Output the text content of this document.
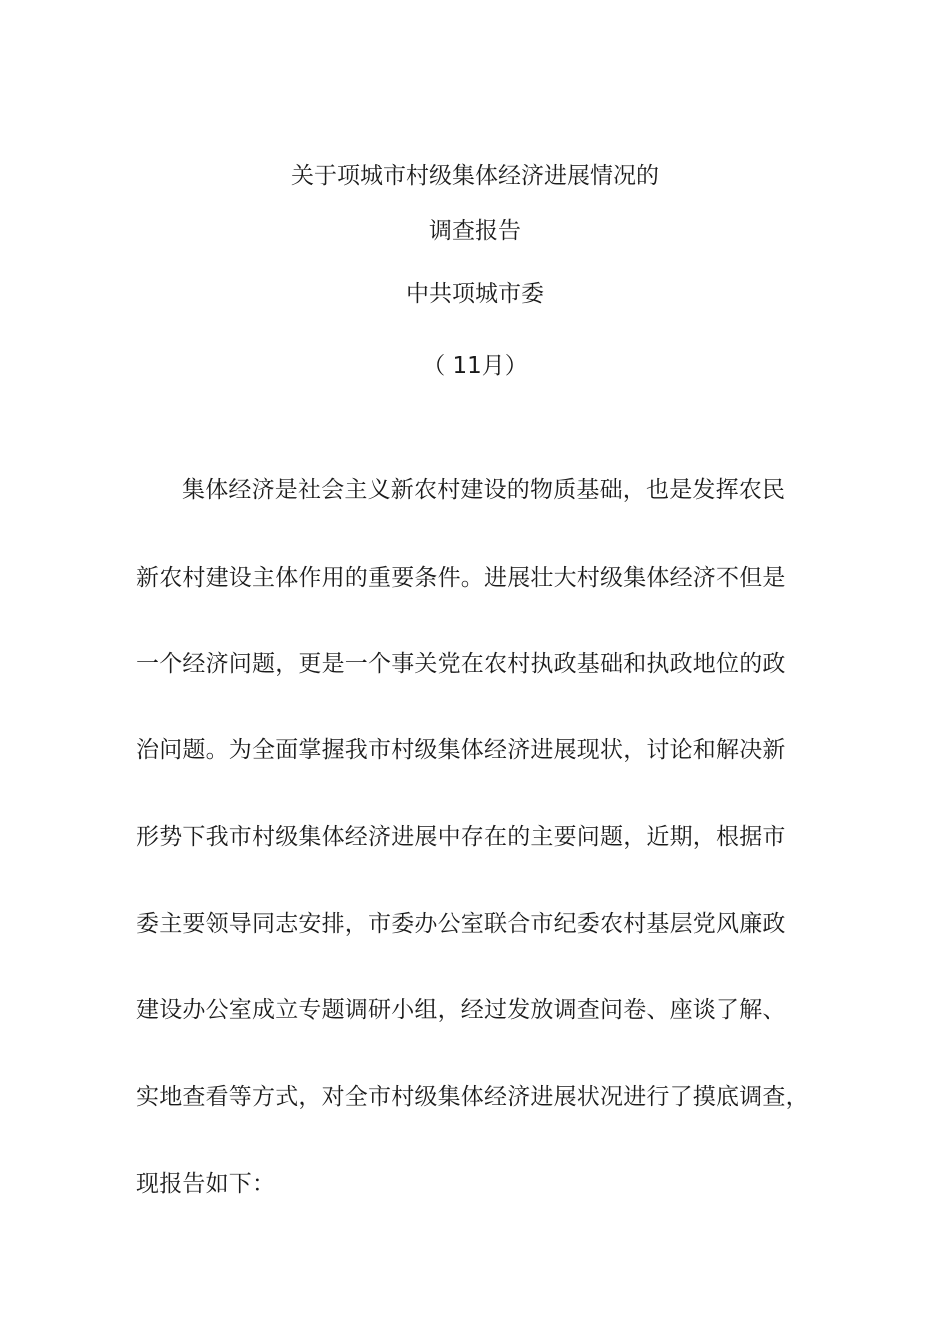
关于项城市村级集体经济进展情况的
调查报告
中共项城市委
（ 11月）
集体经济是社会主义新农村建设的物质基础，也是发挥农民
新农村建设主体作用的重要条件。进展壮大村级集体经济不但是
一个经济问题，更是一个事关党在农村执政基础和执政地位的政
治问题。为全面掌握我市村级集体经济进展现状，讨论和解决新
形势下我市村级集体经济进展中存在的主要问题，近期，根据市
委主要领导同志安排，市委办公室联合市纪委农村基层党风廉政
建设办公室成立专题调研小组，经过发放调查问卷、座谈了解、
实地查看等方式，对全市村级集体经济进展状况进行了摸底调查，
现报告如下：
